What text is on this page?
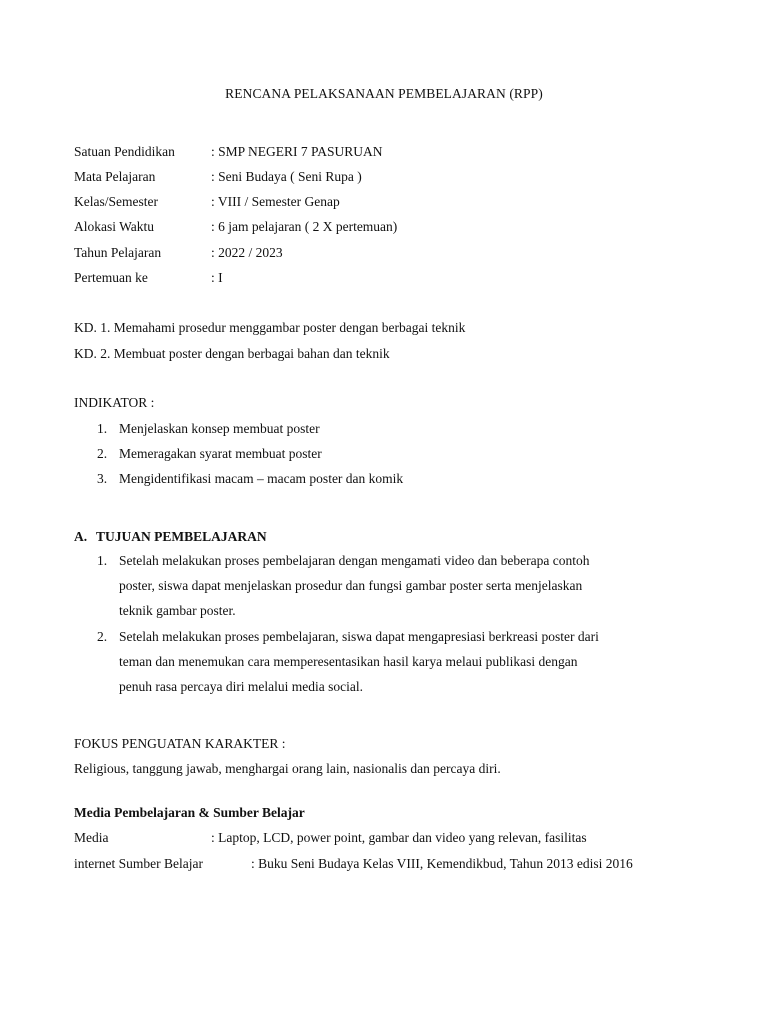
RENCANA PELAKSANAAN PEMBELAJARAN (RPP)
Satuan Pendidikan	: SMP NEGERI 7 PASURUAN
Mata Pelajaran	: Seni Budaya ( Seni Rupa )
Kelas/Semester	: VIII / Semester Genap
Alokasi Waktu	: 6 jam pelajaran ( 2 X pertemuan)
Tahun Pelajaran	: 2022 / 2023
Pertemuan ke	: I
KD. 1. Memahami prosedur menggambar poster dengan berbagai teknik
KD. 2. Membuat poster dengan berbagai bahan dan teknik
INDIKATOR :
1. Menjelaskan konsep membuat poster
2. Memeragakan syarat membuat poster
3. Mengidentifikasi macam – macam poster dan komik
A. TUJUAN PEMBELAJARAN
1. Setelah melakukan proses pembelajaran dengan mengamati video dan beberapa contoh
poster, siswa dapat menjelaskan prosedur dan fungsi gambar poster serta menjelaskan
teknik gambar poster.
2. Setelah melakukan proses pembelajaran, siswa dapat mengapresiasi berkreasi poster dari
teman dan menemukan cara memperesentasikan hasil karya melaui publikasi dengan
penuh rasa percaya diri melalui media social.
FOKUS PENGUATAN KARAKTER :
Religious, tanggung jawab, menghargai orang lain, nasionalis dan percaya diri.
Media Pembelajaran & Sumber Belajar
Media	: Laptop, LCD, power point, gambar dan video yang relevan, fasilitas
internet Sumber Belajar	: Buku Seni Budaya Kelas VIII, Kemendikbud, Tahun 2013 edisi 2016
